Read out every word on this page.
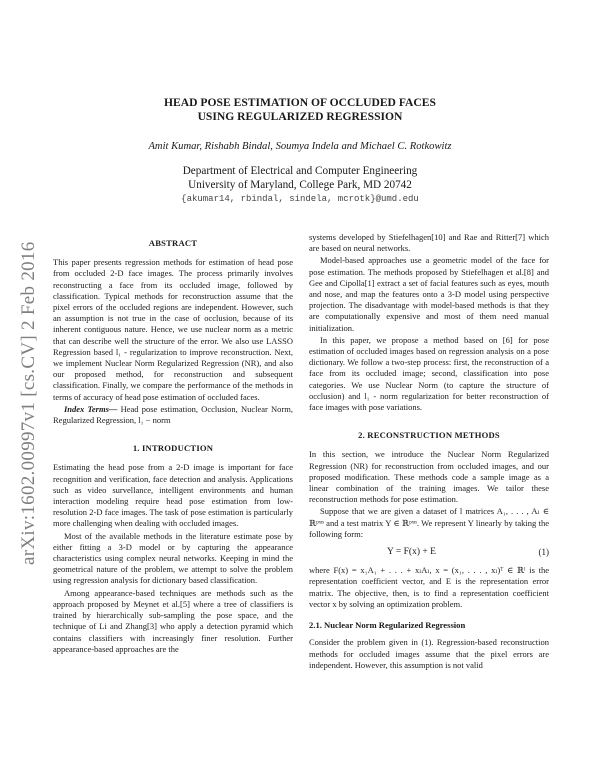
arXiv:1602.00997v1 [cs.CV] 2 Feb 2016
HEAD POSE ESTIMATION OF OCCLUDED FACES
USING REGULARIZED REGRESSION
Amit Kumar, Rishabh Bindal, Soumya Indela and Michael C. Rotkowitz
Department of Electrical and Computer Engineering
University of Maryland, College Park, MD 20742
{akumar14, rbindal, sindela, mcrotk}@umd.edu
ABSTRACT

This paper presents regression methods for estimation of head pose from occluded 2-D face images. The process primarily involves reconstructing a face from its occluded image, followed by classification. Typical methods for reconstruction assume that the pixel errors of the occluded regions are independent. However, such an assumption is not true in the case of occlusion, because of its inherent contiguous nature. Hence, we use nuclear norm as a metric that can describe well the structure of the error. We also use LASSO Regression based l₁ - regularization to improve reconstruction. Next, we implement Nuclear Norm Regularized Regression (NR), and also our proposed method, for reconstruction and subsequent classification. Finally, we compare the performance of the methods in terms of accuracy of head pose estimation of occluded faces.

Index Terms— Head pose estimation, Occlusion, Nuclear Norm, Regularized Regression, l₁ − norm

1. INTRODUCTION

Estimating the head pose from a 2-D image is important for face recognition and verification, face detection and analysis. Applications such as video survellance, intelligent environments and human interaction modeling require head pose estimation from low-resolution 2-D face images. The task of pose estimation is particularly more challenging when dealing with occluded images.

Most of the available methods in the literature estimate pose by either fitting a 3-D model or by capturing the appearance characteristics using complex neural networks. Keeping in mind the geometrical nature of the problem, we attempt to solve the problem using regression analysis for dictionary based classification.

Among appearance-based techniques are methods such as the approach proposed by Meynet et al.[5] where a tree of classifiers is trained by hierarchically sub-sampling the pose space, and the technique of Li and Zhang[3] who apply a detection pyramid which contains classifiers with increasingly finer resolution. Further appearance-based approaches are the

systems developed by Stiefelhagen[10] and Rae and Ritter[7] which are based on neural networks.

Model-based approaches use a geometric model of the face for pose estimation. The methods proposed by Stiefelhagen et al.[8] and Gee and Cipolla[1] extract a set of facial features such as eyes, mouth and nose, and map the features onto a 3-D model using perspective projection. The disadvantage with model-based methods is that they are computationally expensive and most of them need manual initialization.

In this paper, we propose a method based on [6] for pose estimation of occluded images based on regression analysis on a pose dictionary. We follow a two-step process: first, the reconstruction of a face from its occluded image; second, classification into pose categories. We use Nuclear Norm (to capture the structure of occlusion) and l₁ - norm regularization for better reconstruction of face images with pose variations.

2. RECONSTRUCTION METHODS

In this section, we introduce the Nuclear Norm Regularized Regression (NR) for reconstruction from occluded images, and our proposed modification. These methods code a sample image as a linear combination of the training images. We tailor these reconstruction methods for pose estimation.

Suppose that we are given a dataset of l matrices A₁, . . . , Aₗ ∈ ℝᵖˣⁿ and a test matrix Y ∈ ℝᵖˣⁿ. We represent Y linearly by taking the following form:

Y = F(x) + E	(1)

where F(x) = x₁A₁ + . . . + xₗAₗ, x = (x₁, . . . , xₗ)ᵀ ∈ ℝˡ is the representation coefficient vector, and E is the representation error matrix. The objective, then, is to find a representation coefficient vector x by solving an optimization problem.

2.1. Nuclear Norm Regularized Regression

Consider the problem given in (1). Regression-based reconstruction methods for occluded images assume that the pixel errors are independent. However, this assumption is not valid
